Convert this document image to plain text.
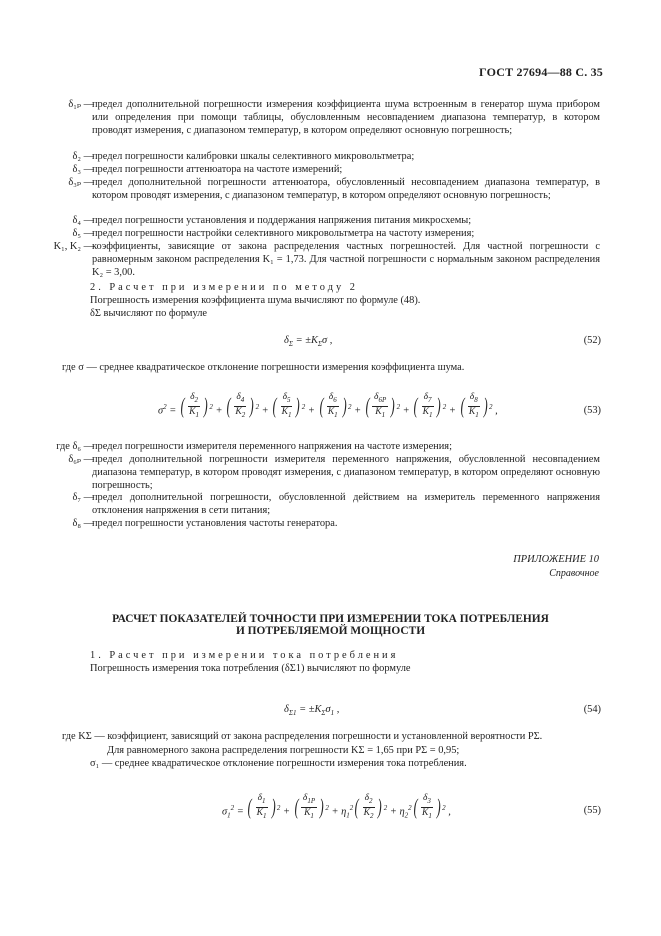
ГОСТ 27694—88 С. 35
δ₁ₚ —
предел дополнительной погрешности измерения коэффициента шума встроенным в генератор шума прибором или определения при помощи таблицы, обусловленным несовпадением диапазона температур, в котором проводят измерения, с диапазоном температур, в котором определяют основную погрешность;
δ₂ —
предел погрешности калибровки шкалы селективного микровольтметра;
δ₃ —
предел погрешности аттенюатора на частоте измерений;
δ₃ₚ —
предел дополнительной погрешности аттенюатора, обусловленный несовпадением диапазона температур, в котором проводят измерения, с диапазоном температур, в котором определяют основную погрешность;
δ₄ —
предел погрешности установления и поддержания напряжения питания микросхемы;
δ₅ —
предел погрешности настройки селективного микровольтметра на частоту измерения;
K₁, K₂ —
коэффициенты, зависящие от закона распределения частных погрешностей. Для частной погрешности с равномерным законом распределения K₁ = 1,73. Для частной погрешности с нормальным законом распределения K₂ = 3,00.
2. Расчет при измерении по методу 2
Погрешность измерения коэффициента шума вычисляют по формуле (48).
δΣ вычисляют по формуле
$\delta_\Sigma = \pm K_\Sigma\sigma$ ,	(52)
где σ — среднее квадратическое отклонение погрешности измерения коэффициента шума.
$\sigma^2$ = ( $\frac{\delta_2}{K_1}$ ) $^2$ + ( $\frac{\delta_4}{K_2}$ ) $^2$ + ( $\frac{\delta_5}{K_1}$ ) $^2$ + ( $\frac{\delta_6}{K_1}$ ) $^2$ + ( $\frac{\delta_{6P}}{K_1}$ ) $^2$ + ( $\frac{\delta_7}{K_1}$ ) $^2$ + ( $\frac{\delta_8}{K_1}$ ) $^2$ ,	(53)
где δ₆ —
предел погрешности измерителя переменного напряжения на частоте измерения;
δ₆ₚ —
предел дополнительной погрешности измерителя переменного напряжения, обусловленной несовпадением диапазона температур, в котором проводят измерения, с диапазоном температур, в котором определяют основную погрешность;
δ₇ —
предел дополнительной погрешности, обусловленной действием на измеритель переменного напряжения отклонения напряжения в сети питания;
δ₈ —
предел погрешности установления частоты генератора.
ПРИЛОЖЕНИЕ 10
Справочное
РАСЧЕТ ПОКАЗАТЕЛЕЙ ТОЧНОСТИ ПРИ ИЗМЕРЕНИИ ТОКА ПОТРЕБЛЕНИЯ
И ПОТРЕБЛЯЕМОЙ МОЩНОСТИ
1. Расчет при измерении тока потребления
Погрешность измерения тока потребления (δΣ1) вычисляют по формуле
$\delta_{\Sigma 1} = \pm K_\Sigma\sigma_1$ ,	(54)
где KΣ — коэффициент, зависящий от закона распределения погрешности и установленной вероятности PΣ.
Для равномерного закона распределения погрешности KΣ = 1,65 при PΣ = 0,95;
σ₁ — среднее квадратическое отклонение погрешности измерения тока потребления.
$\sigma_1^2$ = ( $\frac{\delta_1}{K_1}$ ) $^2$ + ( $\frac{\delta_{1P}}{K_1}$ ) $^2 + \eta_1^2$ ( $\frac{\delta_2}{K_2}$ ) $^2 + \eta_2^2$ ( $\frac{\delta_3}{K_1}$ ) $^2$ ,	(55)
